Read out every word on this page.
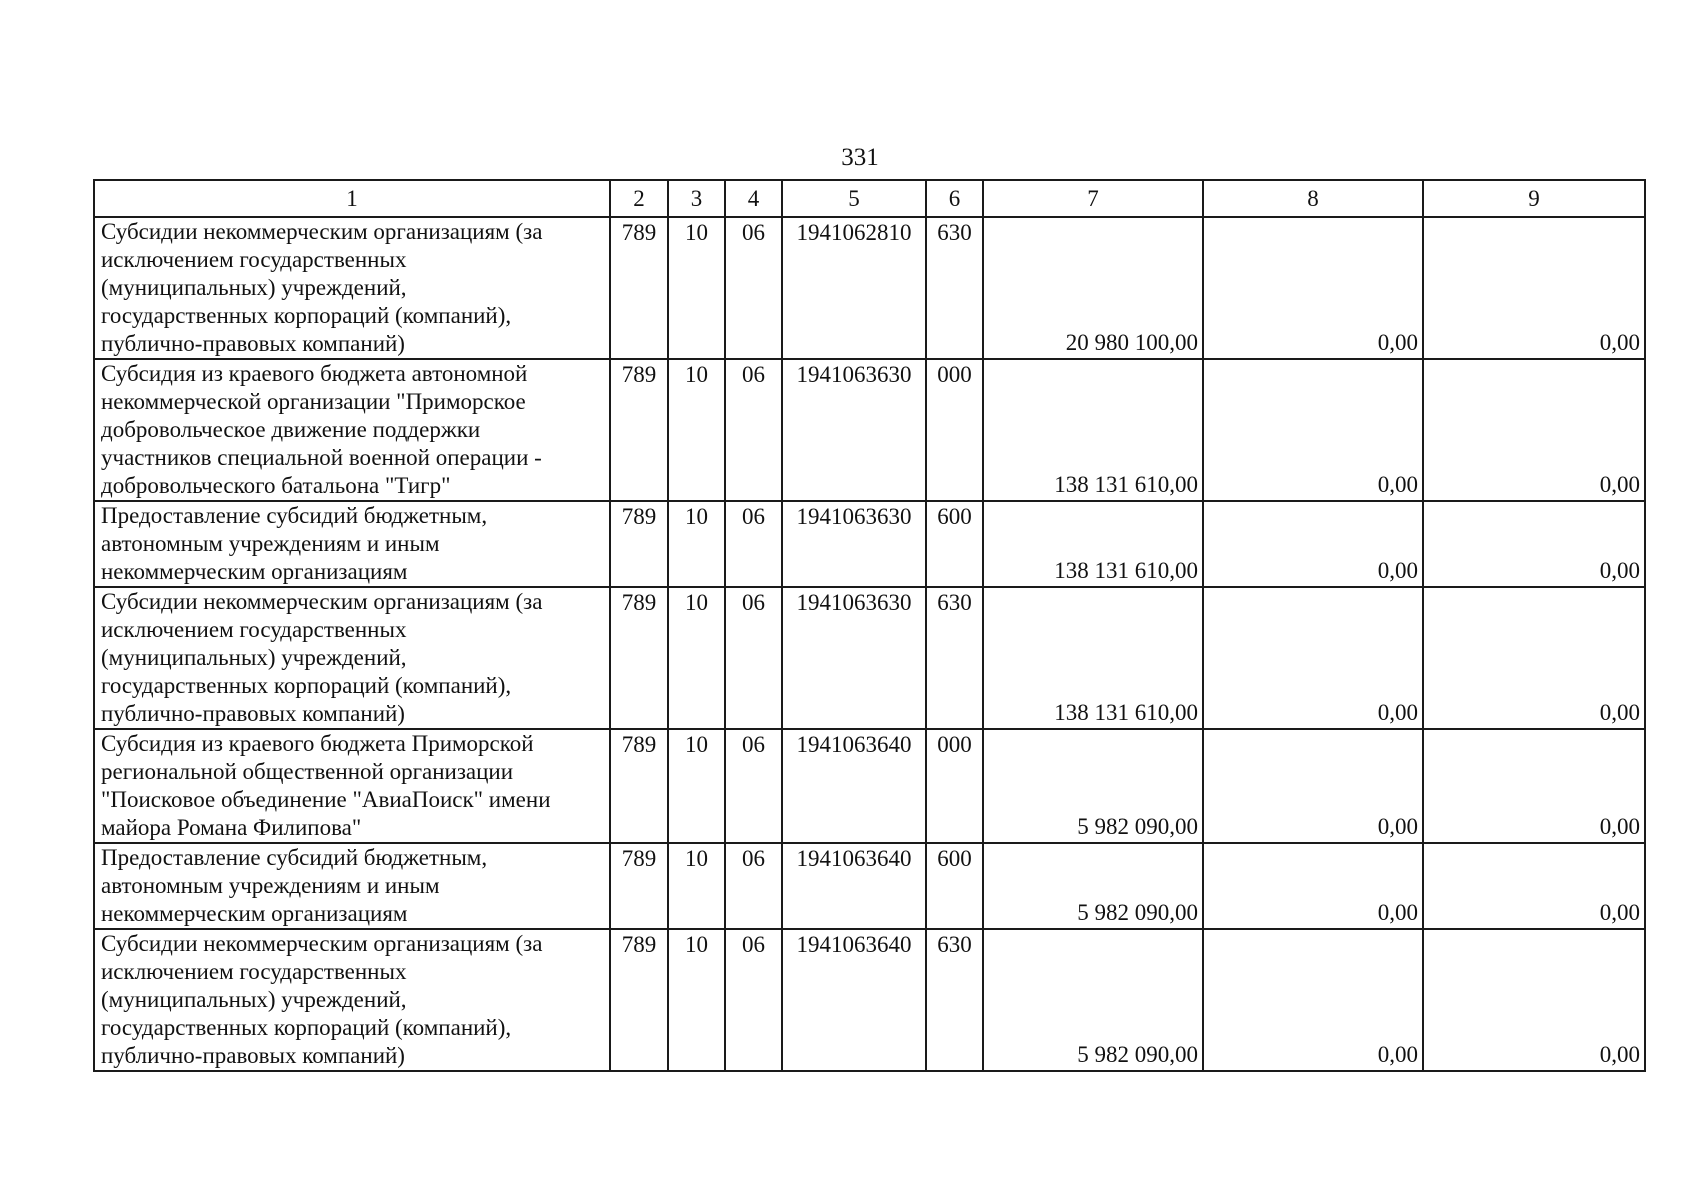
331
1	2	3	4	5	6	7	8	9

Субсидии некоммерческим организациям (за
исключением государственных
(муниципальных) учреждений,
государственных корпораций (компаний),
публично-правовых компаний)	789	10	06	1941062810	630	20 980 100,00	0,00	0,00

Субсидия из краевого бюджета автономной
некоммерческой организации "Приморское
добровольческое движение поддержки
участников специальной военной операции -
добровольческого батальона "Тигр"	789	10	06	1941063630	000	138 131 610,00	0,00	0,00

Предоставление субсидий бюджетным,
автономным учреждениям и иным
некоммерческим организациям	789	10	06	1941063630	600	138 131 610,00	0,00	0,00

Субсидии некоммерческим организациям (за
исключением государственных
(муниципальных) учреждений,
государственных корпораций (компаний),
публично-правовых компаний)	789	10	06	1941063630	630	138 131 610,00	0,00	0,00

Субсидия из краевого бюджета Приморской
региональной общественной организации
"Поисковое объединение "АвиаПоиск" имени
майора Романа Филипова"	789	10	06	1941063640	000	5 982 090,00	0,00	0,00

Предоставление субсидий бюджетным,
автономным учреждениям и иным
некоммерческим организациям	789	10	06	1941063640	600	5 982 090,00	0,00	0,00

Субсидии некоммерческим организациям (за
исключением государственных
(муниципальных) учреждений,
государственных корпораций (компаний),
публично-правовых компаний)	789	10	06	1941063640	630	5 982 090,00	0,00	0,00
